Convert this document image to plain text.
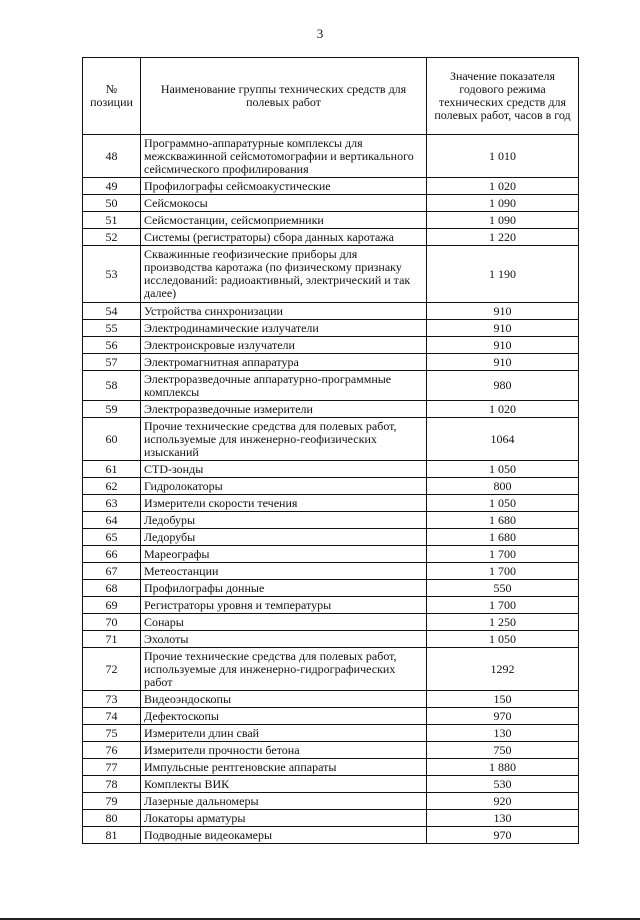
3
№ позиции	Наименование группы технических средств для полевых работ	Значение показателя годового режима технических средств для полевых работ, часов в год
48	Программно-аппаратурные комплексы для межскважинной сейсмотомографии и вертикального сейсмического профилирования	1 010
49	Профилографы сейсмоакустические	1 020
50	Сейсмокосы	1 090
51	Сейсмостанции, сейсмоприемники	1 090
52	Системы (регистраторы) сбора данных каротажа	1 220
53	Скважинные геофизические приборы для производства каротажа (по физическому признаку исследований: радиоактивный, электрический и так далее)	1 190
54	Устройства синхронизации	910
55	Электродинамические излучатели	910
56	Электроискровые излучатели	910
57	Электромагнитная аппаратура	910
58	Электроразведочные аппаратурно-программные комплексы	980
59	Электроразведочные измерители	1 020
60	Прочие технические средства для полевых работ, используемые для инженерно-геофизических изысканий	1064
61	CTD-зонды	1 050
62	Гидролокаторы	800
63	Измерители скорости течения	1 050
64	Ледобуры	1 680
65	Ледорубы	1 680
66	Мареографы	1 700
67	Метеостанции	1 700
68	Профилографы донные	550
69	Регистраторы уровня и температуры	1 700
70	Сонары	1 250
71	Эхолоты	1 050
72	Прочие технические средства для полевых работ, используемые для инженерно-гидрографических работ	1292
73	Видеоэндоскопы	150
74	Дефектоскопы	970
75	Измерители длин свай	130
76	Измерители прочности бетона	750
77	Импульсные рентгеновские аппараты	1 880
78	Комплекты ВИК	530
79	Лазерные дальномеры	920
80	Локаторы арматуры	130
81	Подводные видеокамеры	970
